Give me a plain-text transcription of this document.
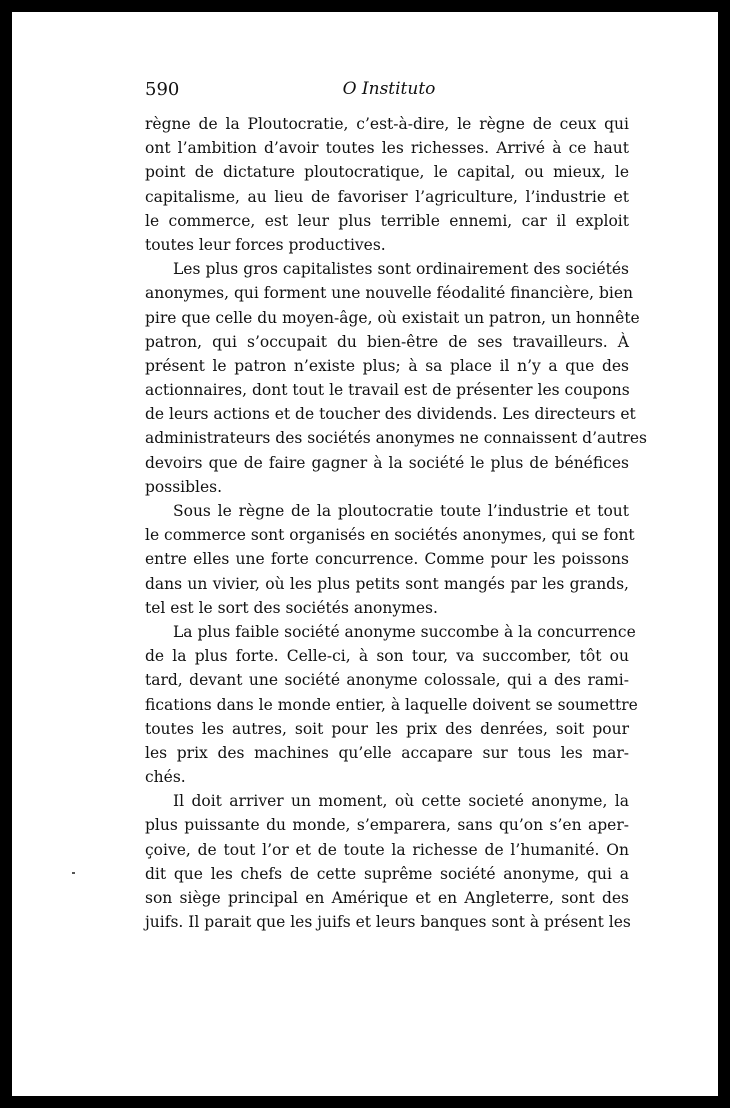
590	O Instituto
règne de la Ploutocratie, c’est-à-dire, le règne de ceux qui
ont l’ambition d’avoir toutes les richesses. Arrivé à ce haut
point de dictature ploutocratique, le capital, ou mieux, le
capitalisme, au lieu de favoriser l’agriculture, l’industrie et
le commerce, est leur plus terrible ennemi, car il exploit
toutes leur forces productives.
Les plus gros capitalistes sont ordinairement des sociétés
anonymes, qui forment une nouvelle féodalité financière, bien
pire que celle du moyen-âge, où existait un patron, un honnête
patron, qui s’occupait du bien-être de ses travailleurs. À
présent le patron n’existe plus; à sa place il n’y a que des
actionnaires, dont tout le travail est de présenter les coupons
de leurs actions et de toucher des dividends. Les directeurs et
administrateurs des sociétés anonymes ne connaissent d’autres
devoirs que de faire gagner à la société le plus de bénéfices
possibles.
Sous le règne de la ploutocratie toute l’industrie et tout
le commerce sont organisés en sociétés anonymes, qui se font
entre elles une forte concurrence. Comme pour les poissons
dans un vivier, où les plus petits sont mangés par les grands,
tel est le sort des sociétés anonymes.
La plus faible société anonyme succombe à la concurrence
de la plus forte. Celle-ci, à son tour, va succomber, tôt ou
tard, devant une société anonyme colossale, qui a des rami-
fications dans le monde entier, à laquelle doivent se soumettre
toutes les autres, soit pour les prix des denrées, soit pour
les prix des machines qu’elle accapare sur tous les mar-
chés.
Il doit arriver un moment, où cette societé anonyme, la
plus puissante du monde, s’emparera, sans qu’on s’en aper-
çoive, de tout l’or et de toute la richesse de l’humanité. On
dit que les chefs de cette suprême société anonyme, qui a
son siège principal en Amérique et en Angleterre, sont des
juifs. Il parait que les juifs et leurs banques sont à présent les
